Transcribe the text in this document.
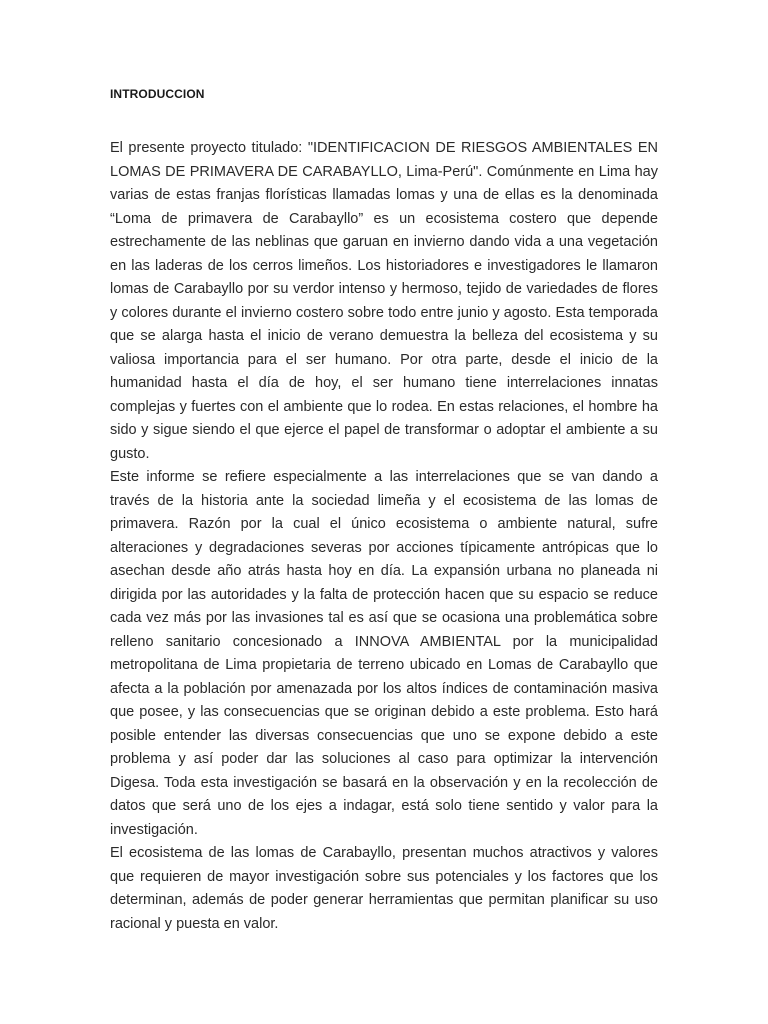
INTRODUCCION

El presente proyecto titulado: "IDENTIFICACION DE RIESGOS AMBIENTALES EN LOMAS DE PRIMAVERA DE CARABAYLLO, Lima-Perú". Comúnmente en Lima hay varias de estas franjas florísticas llamadas lomas y una de ellas es la denominada “Loma de primavera de Carabayllo” es un ecosistema costero que depende estrechamente de las neblinas que garuan en invierno dando vida a una vegetación en las laderas de los cerros limeños. Los historiadores e investigadores le llamaron lomas de Carabayllo por su verdor intenso y hermoso, tejido de variedades de flores y colores durante el invierno costero sobre todo entre junio y agosto. Esta temporada que se alarga hasta el inicio de verano demuestra la belleza del ecosistema y su valiosa importancia para el ser humano. Por otra parte, desde el inicio de la humanidad hasta el día de hoy, el ser humano tiene interrelaciones innatas complejas y fuertes con el ambiente que lo rodea. En estas relaciones, el hombre ha sido y sigue siendo el que ejerce el papel de transformar o adoptar el ambiente a su gusto.

Este informe se refiere especialmente a las interrelaciones que se van dando a través de la historia ante la sociedad limeña y el ecosistema de las lomas de primavera. Razón por la cual el único ecosistema o ambiente natural, sufre alteraciones y degradaciones severas por acciones típicamente antrópicas que lo asechan desde año atrás hasta hoy en día. La expansión urbana no planeada ni dirigida por las autoridades y la falta de protección hacen que su espacio se reduce cada vez más por las invasiones tal es así que se ocasiona una problemática sobre relleno sanitario concesionado a INNOVA AMBIENTAL por la municipalidad metropolitana de Lima propietaria de terreno ubicado en Lomas de Carabayllo que afecta a la población por amenazada por los altos índices de contaminación masiva que posee, y las consecuencias que se originan debido a este problema. Esto hará posible entender las diversas consecuencias que uno se expone debido a este problema y así poder dar las soluciones al caso para optimizar la intervención Digesa. Toda esta investigación se basará en la observación y en la recolección de datos que será uno de los ejes a indagar, está solo tiene sentido y valor para la investigación.

El ecosistema de las lomas de Carabayllo, presentan muchos atractivos y valores que requieren de mayor investigación sobre sus potenciales y los factores que los determinan, además de poder generar herramientas que permitan planificar su uso racional y puesta en valor.
